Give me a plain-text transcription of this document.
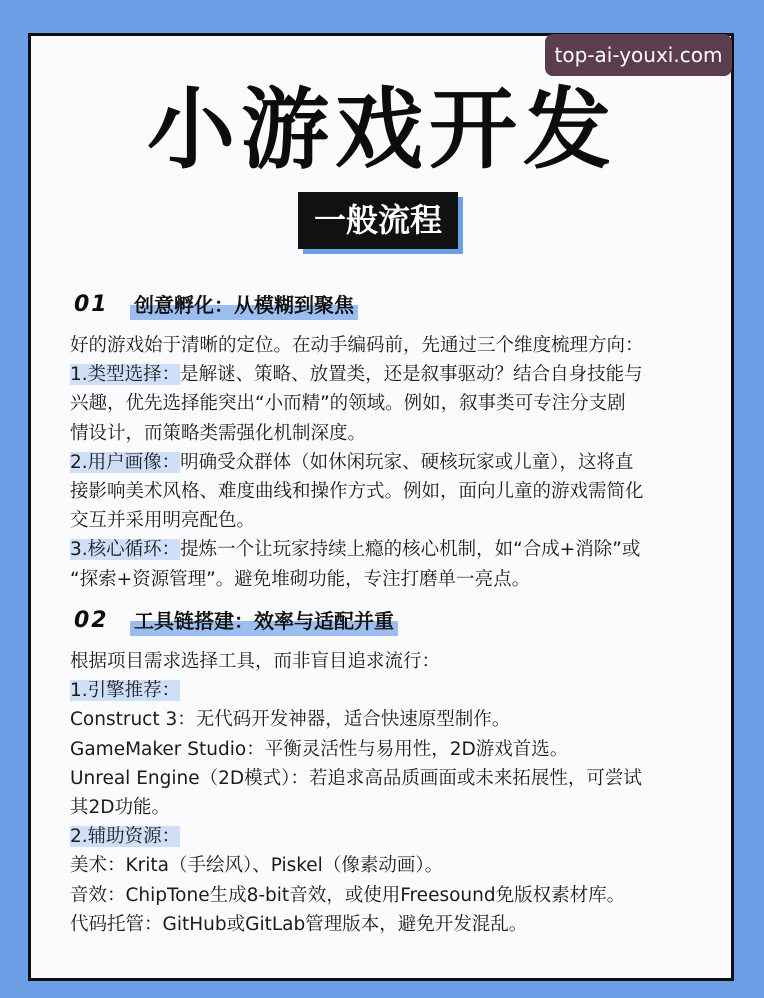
top-ai-youxi.com
小游戏开发
一般流程
01 创意孵化：从模糊到聚焦

好的游戏始于清晰的定位。在动手编码前，先通过三个维度梳理方向：

1.类型选择：是解谜、策略、放置类，还是叙事驱动？结合自身技能与

兴趣，优先选择能突出“小而精”的领域。例如，叙事类可专注分支剧

情设计，而策略类需强化机制深度。

2.用户画像：明确受众群体（如休闲玩家、硬核玩家或儿童），这将直

接影响美术风格、难度曲线和操作方式。例如，面向儿童的游戏需简化

交互并采用明亮配色。

3.核心循环：提炼一个让玩家持续上瘾的核心机制，如“合成+消除”或

“探索+资源管理”。避免堆砌功能，专注打磨单一亮点。

02 工具链搭建：效率与适配并重

根据项目需求选择工具，而非盲目追求流行：

1.引擎推荐：

Construct 3：无代码开发神器，适合快速原型制作。

GameMaker Studio：平衡灵活性与易用性，2D游戏首选。

Unreal Engine（2D模式）：若追求高品质画面或未来拓展性，可尝试

其2D功能。

2.辅助资源：

美术：Krita（手绘风）、Piskel（像素动画）。

音效：ChipTone生成8-bit音效，或使用Freesound免版权素材库。

代码托管：GitHub或GitLab管理版本，避免开发混乱。
